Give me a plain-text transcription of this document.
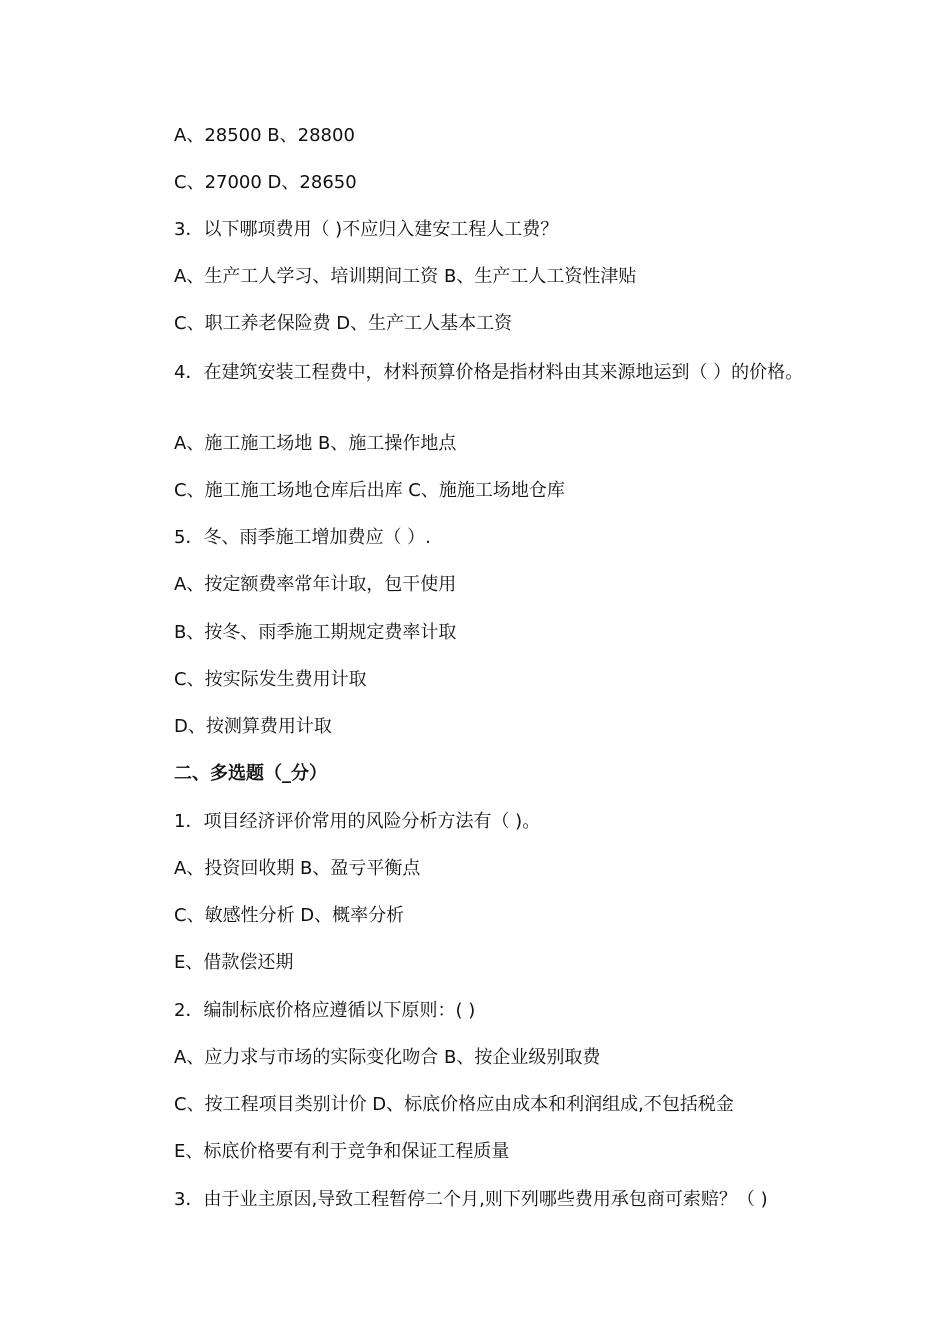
A、28500 B、28800
C、27000 D、28650
3．以下哪项费用（ )不应归入建安工程人工费？
A、生产工人学习、培训期间工资 B、生产工人工资性津贴
C、职工养老保险费 D、生产工人基本工资
4．在建筑安装工程费中，材料预算价格是指材料由其来源地运到（ ）的价格。
A、施工施工场地 B、施工操作地点
C、施工施工场地仓库后出库 C、施施工场地仓库
5．冬、雨季施工增加费应（ ）.
A、按定额费率常年计取，包干使用
B、按冬、雨季施工期规定费率计取
C、按实际发生费用计取
D、按测算费用计取
二、多选题（_分）
1．项目经济评价常用的风险分析方法有（ )。
A、投资回收期 B、盈亏平衡点
C、敏感性分析 D、概率分析
E、借款偿还期
2．编制标底价格应遵循以下原则：( )
A、应力求与市场的实际变化吻合 B、按企业级别取费
C、按工程项目类别计价 D、标底价格应由成本和利润组成,不包括税金
E、标底价格要有利于竞争和保证工程质量
3．由于业主原因,导致工程暂停二个月,则下列哪些费用承包商可索赔？（ )
